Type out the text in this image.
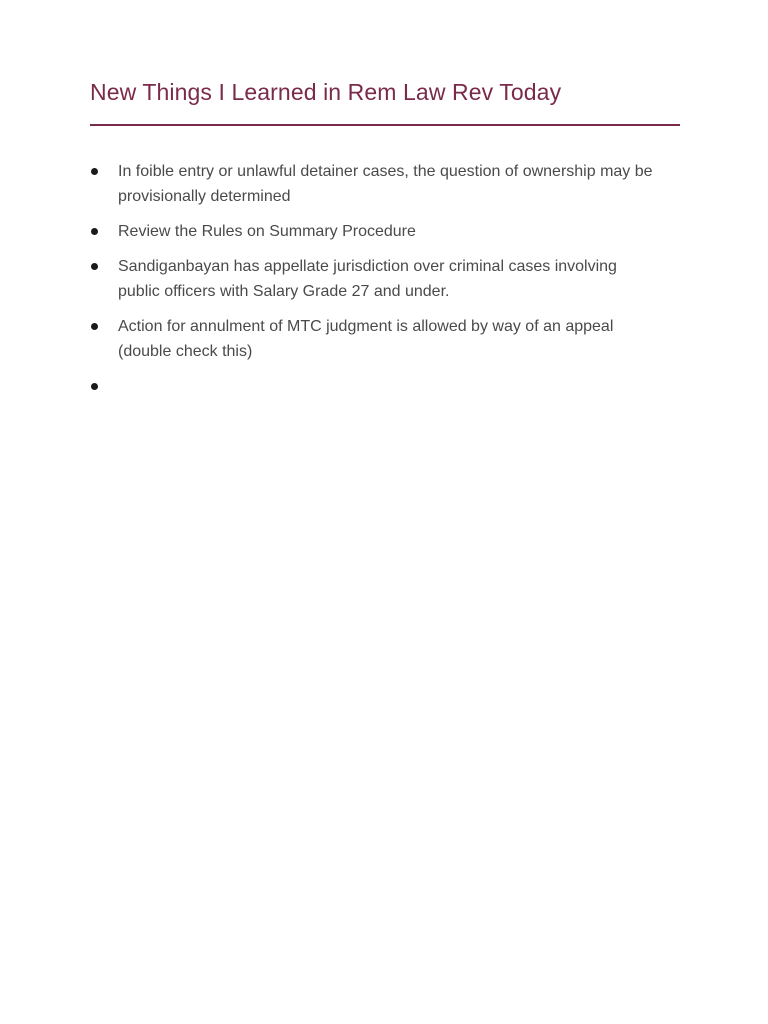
New Things I Learned in Rem Law Rev Today
In foible entry or unlawful detainer cases, the question of ownership may be provisionally determined
Review the Rules on Summary Procedure
Sandiganbayan has appellate jurisdiction over criminal cases involving public officers with Salary Grade 27 and under.
Action for annulment of MTC judgment is allowed by way of an appeal (double check this)
